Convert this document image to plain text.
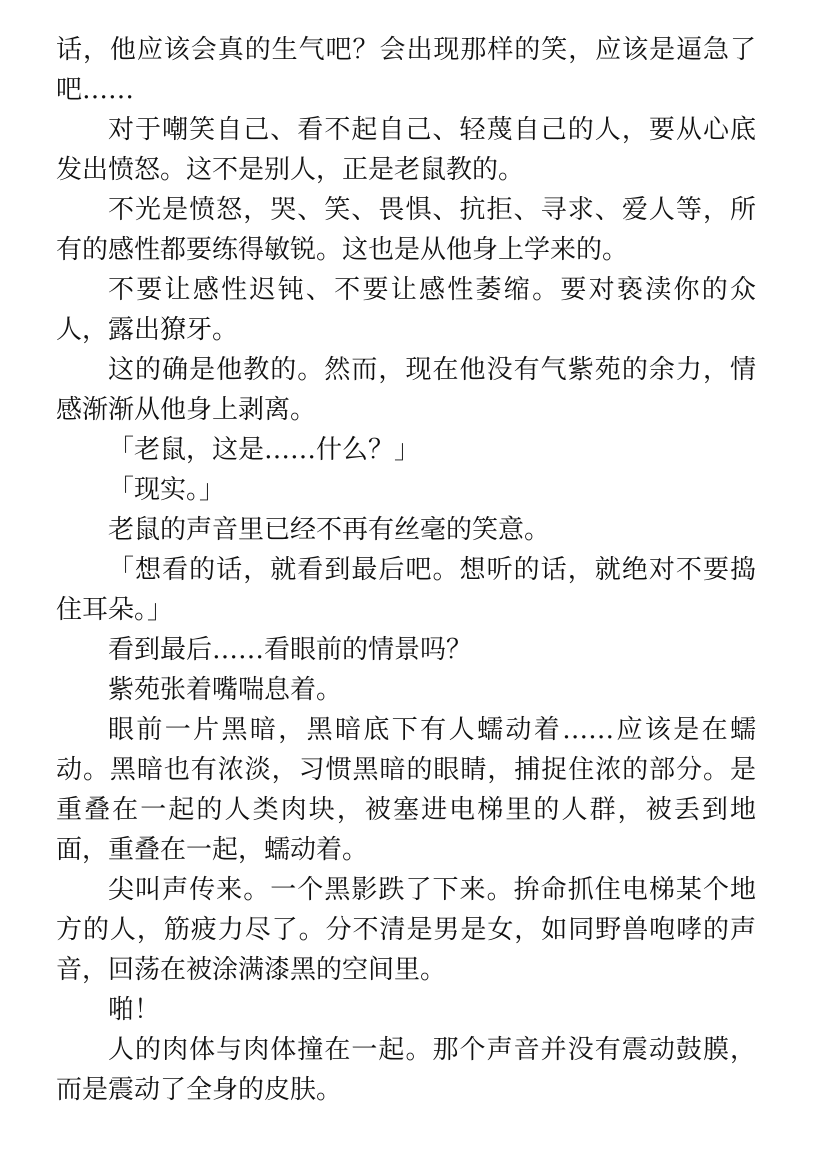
话，他应该会真的生气吧？会出现那样的笑，应该是逼急了吧……

对于嘲笑自己、看不起自己、轻蔑自己的人，要从心底发出愤怒。这不是别人，正是老鼠教的。

不光是愤怒，哭、笑、畏惧、抗拒、寻求、爱人等，所有的感性都要练得敏锐。这也是从他身上学来的。

不要让感性迟钝、不要让感性萎缩。要对亵渎你的众人，露出獠牙。

这的确是他教的。然而，现在他没有气紫苑的余力，情感渐渐从他身上剥离。

「老鼠，这是……什么？」

「现实。」

老鼠的声音里已经不再有丝毫的笑意。

「想看的话，就看到最后吧。想听的话，就绝对不要捣住耳朵。」

看到最后……看眼前的情景吗？

紫苑张着嘴喘息着。

眼前一片黑暗，黑暗底下有人蠕动着……应该是在蠕动。黑暗也有浓淡，习惯黑暗的眼睛，捕捉住浓的部分。是重叠在一起的人类肉块，被塞进电梯里的人群，被丢到地面，重叠在一起，蠕动着。

尖叫声传来。一个黑影跌了下来。拚命抓住电梯某个地方的人，筋疲力尽了。分不清是男是女，如同野兽咆哮的声音，回荡在被涂满漆黑的空间里。

啪！

人的肉体与肉体撞在一起。那个声音并没有震动鼓膜，而是震动了全身的皮肤。
